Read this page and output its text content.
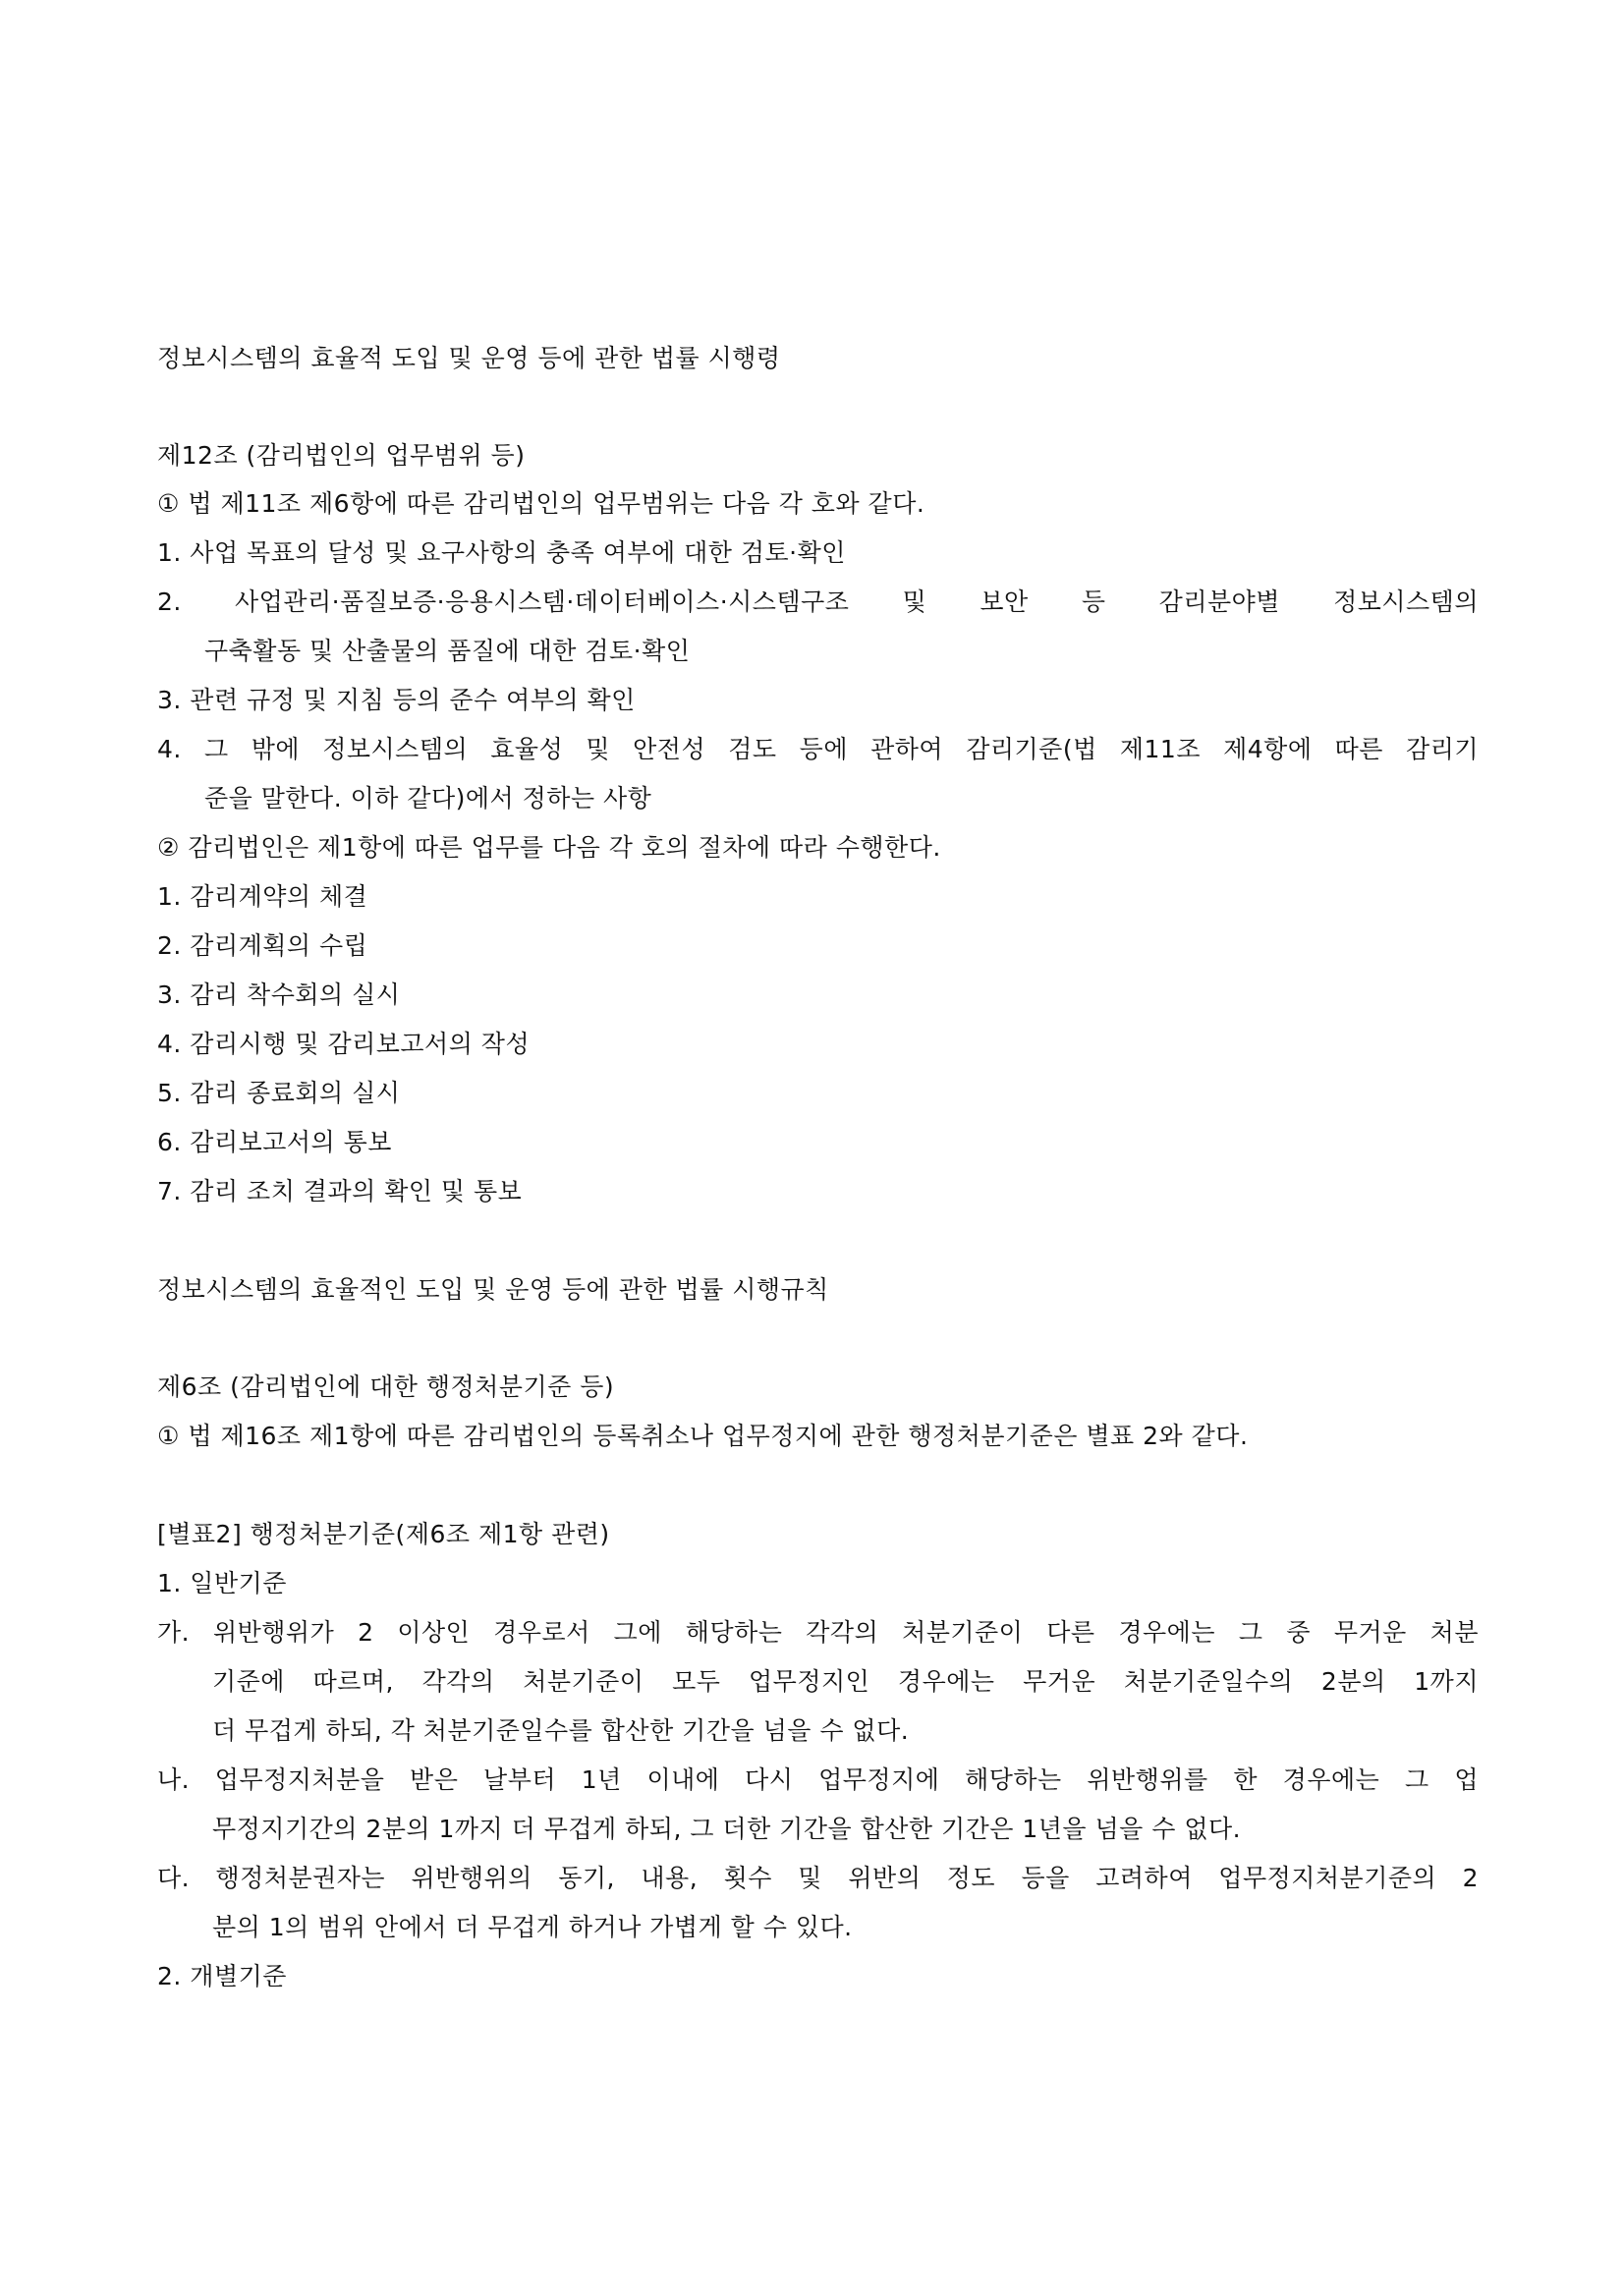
정보시스템의 효율적 도입 및 운영 등에 관한 법률 시행령
제12조 (감리법인의 업무범위 등)
① 법 제11조 제6항에 따른 감리법인의 업무범위는 다음 각 호와 같다.
1. 사업 목표의 달성 및 요구사항의 충족 여부에 대한 검토·확인
2. 사업관리·품질보증·응용시스템·데이터베이스·시스템구조 및 보안 등 감리분야별 정보시스템의
구축활동 및 산출물의 품질에 대한 검토·확인
3. 관련 규정 및 지침 등의 준수 여부의 확인
4. 그 밖에 정보시스템의 효율성 및 안전성 검도 등에 관하여 감리기준(법 제11조 제4항에 따른 감리기
준을 말한다. 이하 같다)에서 정하는 사항
② 감리법인은 제1항에 따른 업무를 다음 각 호의 절차에 따라 수행한다.
1. 감리계약의 체결
2. 감리계획의 수립
3. 감리 착수회의 실시
4. 감리시행 및 감리보고서의 작성
5. 감리 종료회의 실시
6. 감리보고서의 통보
7. 감리 조치 결과의 확인 및 통보
정보시스템의 효율적인 도입 및 운영 등에 관한 법률 시행규칙
제6조 (감리법인에 대한 행정처분기준 등)
① 법 제16조 제1항에 따른 감리법인의 등록취소나 업무정지에 관한 행정처분기준은 별표 2와 같다.
[별표2] 행정처분기준(제6조 제1항 관련)
1. 일반기준
가. 위반행위가 2 이상인 경우로서 그에 해당하는 각각의 처분기준이 다른 경우에는 그 중 무거운 처분
기준에 따르며, 각각의 처분기준이 모두 업무정지인 경우에는 무거운 처분기준일수의 2분의 1까지
더 무겁게 하되, 각 처분기준일수를 합산한 기간을 넘을 수 없다.
나. 업무정지처분을 받은 날부터 1년 이내에 다시 업무정지에 해당하는 위반행위를 한 경우에는 그 업
무정지기간의 2분의 1까지 더 무겁게 하되, 그 더한 기간을 합산한 기간은 1년을 넘을 수 없다.
다. 행정처분권자는 위반행위의 동기, 내용, 횟수 및 위반의 정도 등을 고려하여 업무정지처분기준의 2
분의 1의 범위 안에서 더 무겁게 하거나 가볍게 할 수 있다.
2. 개별기준
